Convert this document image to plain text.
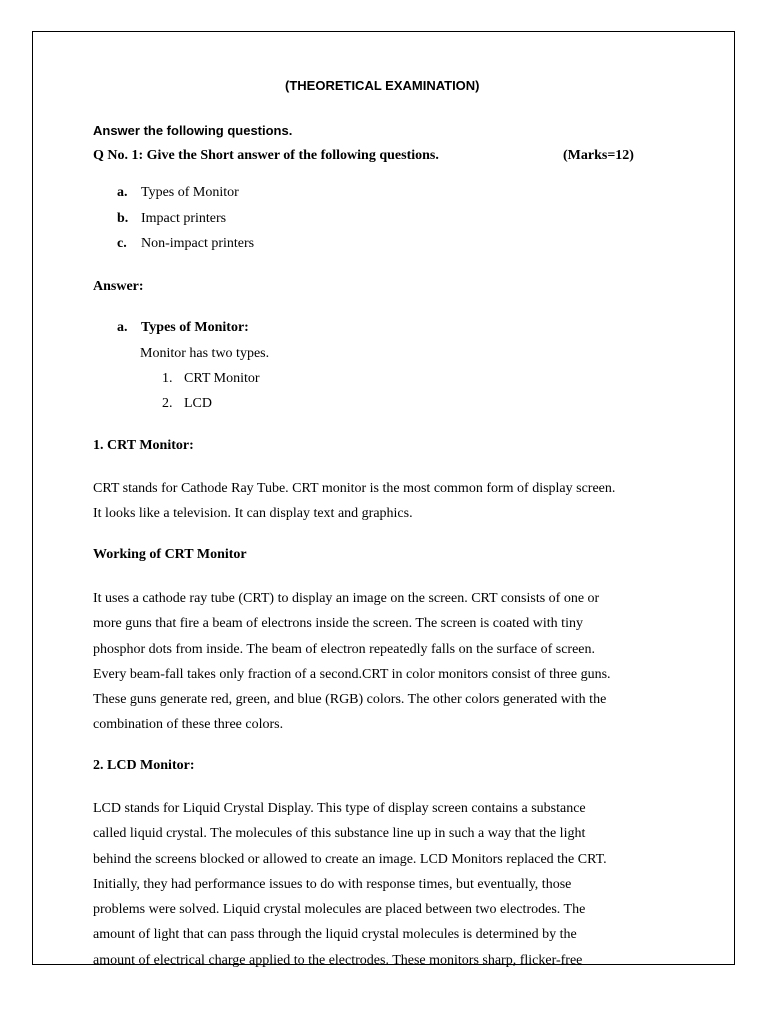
(THEORETICAL EXAMINATION)
Answer the following questions.
Q No. 1: Give the Short answer of the following questions.	(Marks=12)
a. Types of Monitor
b. Impact printers
c. Non-impact printers
Answer:
a. Types of Monitor:
Monitor has two types.
1. CRT Monitor
2. LCD
1. CRT Monitor:
CRT stands for Cathode Ray Tube. CRT monitor is the most common form of display screen.
It looks like a television. It can display text and graphics.
Working of CRT Monitor
It uses a cathode ray tube (CRT) to display an image on the screen. CRT consists of one or
more guns that fire a beam of electrons inside the screen. The screen is coated with tiny
phosphor dots from inside. The beam of electron repeatedly falls on the surface of screen.
Every beam-fall takes only fraction of a second.CRT in color monitors consist of three guns.
These guns generate red, green, and blue (RGB) colors. The other colors generated with the
combination of these three colors.
2. LCD Monitor:
LCD stands for Liquid Crystal Display. This type of display screen contains a substance
called liquid crystal. The molecules of this substance line up in such a way that the light
behind the screens blocked or allowed to create an image. LCD Monitors replaced the CRT.
Initially, they had performance issues to do with response times, but eventually, those
problems were solved. Liquid crystal molecules are placed between two electrodes. The
amount of light that can pass through the liquid crystal molecules is determined by the
amount of electrical charge applied to the electrodes. These monitors sharp, flicker-free
